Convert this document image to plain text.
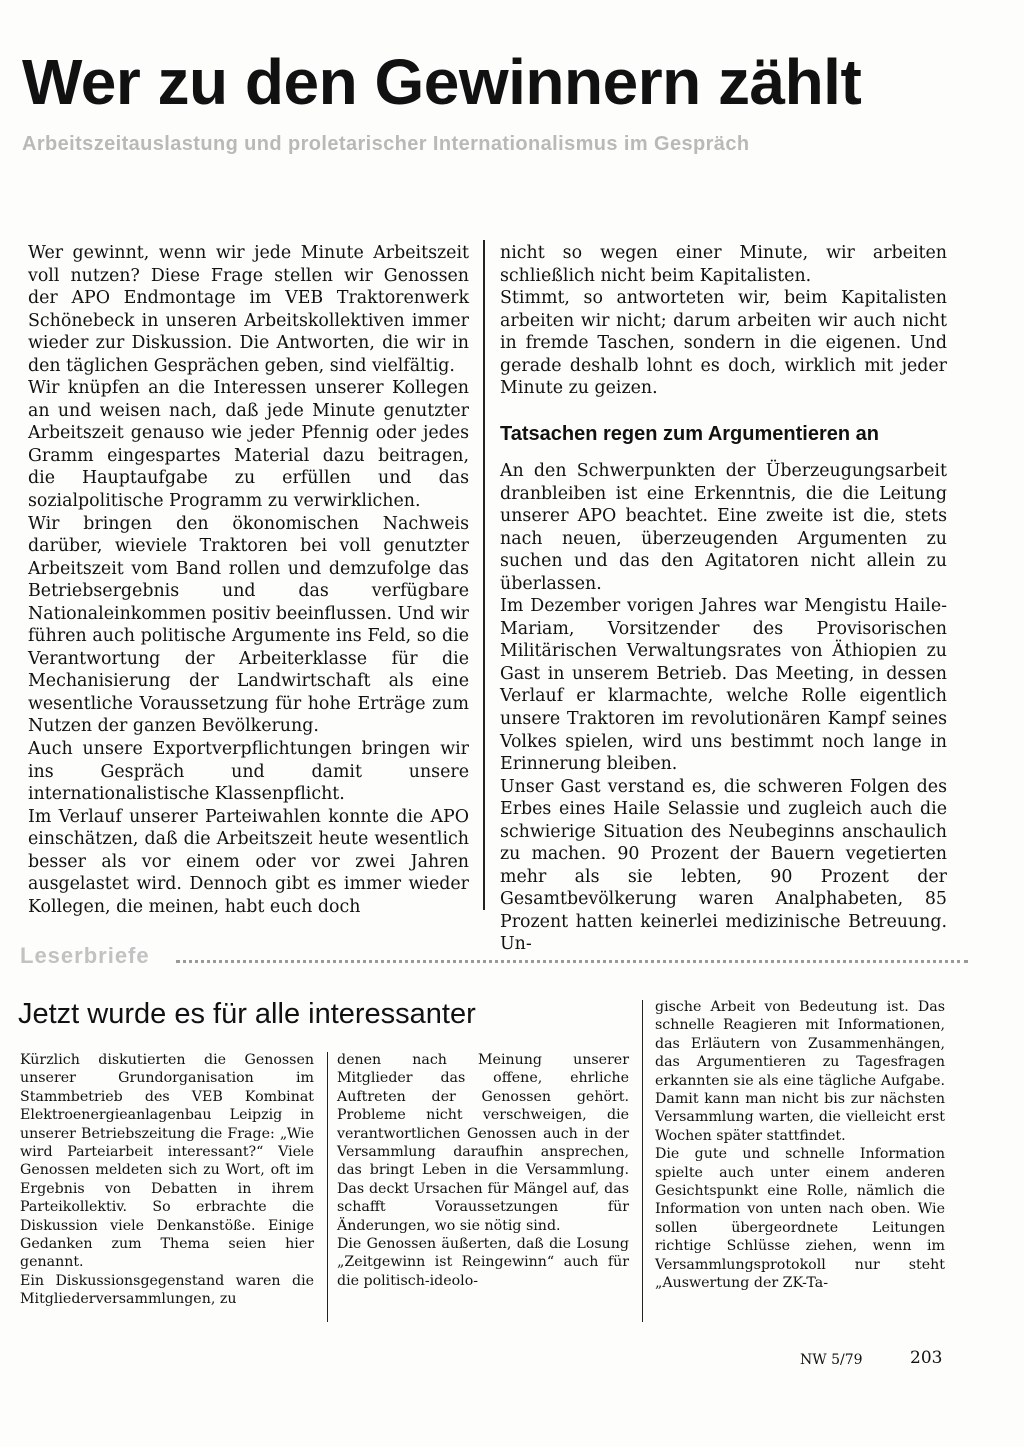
Wer zu den Gewinnern zählt
Arbeitszeitauslastung und proletarischer Internationalismus im Gespräch

Wer gewinnt, wenn wir jede Minute Arbeitszeit voll nutzen? Diese Frage stellen wir Genossen der APO Endmontage im VEB Traktorenwerk Schönebeck in unseren Arbeitskollektiven immer wieder zur Diskussion. Die Antworten, die wir in den täglichen Gesprächen geben, sind vielfältig.

Wir knüpfen an die Interessen unserer Kollegen an und weisen nach, daß jede Minute genutzter Arbeitszeit genauso wie jeder Pfennig oder jedes Gramm eingespartes Material dazu beitragen, die Hauptaufgabe zu erfüllen und das sozialpolitische Programm zu verwirklichen.

Wir bringen den ökonomischen Nachweis darüber, wieviele Traktoren bei voll genutzter Arbeitszeit vom Band rollen und demzufolge das Betriebsergebnis und das verfügbare Nationaleinkommen positiv beeinflussen. Und wir führen auch politische Argumente ins Feld, so die Verantwortung der Arbeiterklasse für die Mechanisierung der Landwirtschaft als eine wesentliche Voraussetzung für hohe Erträge zum Nutzen der ganzen Bevölkerung.

Auch unsere Exportverpflichtungen bringen wir ins Gespräch und damit unsere internationalistische Klassenpflicht.

Im Verlauf unserer Parteiwahlen konnte die APO einschätzen, daß die Arbeitszeit heute wesentlich besser als vor einem oder vor zwei Jahren ausgelastet wird. Dennoch gibt es immer wieder Kollegen, die meinen, habt euch doch

nicht so wegen einer Minute, wir arbeiten schließlich nicht beim Kapitalisten.

Stimmt, so antworteten wir, beim Kapitalisten arbeiten wir nicht; darum arbeiten wir auch nicht in fremde Taschen, sondern in die eigenen. Und gerade deshalb lohnt es doch, wirklich mit jeder Minute zu geizen.

Tatsachen regen zum Argumentieren an

An den Schwerpunkten der Überzeugungsarbeit dranbleiben ist eine Erkenntnis, die die Leitung unserer APO beachtet. Eine zweite ist die, stets nach neuen, überzeugenden Argumenten zu suchen und das den Agitatoren nicht allein zu überlassen.

Im Dezember vorigen Jahres war Mengistu Haile-Mariam, Vorsitzender des Provisorischen Militärischen Verwaltungsrates von Äthiopien zu Gast in unserem Betrieb. Das Meeting, in dessen Verlauf er klarmachte, welche Rolle eigentlich unsere Traktoren im revolutionären Kampf seines Volkes spielen, wird uns bestimmt noch lange in Erinnerung bleiben.

Unser Gast verstand es, die schweren Folgen des Erbes eines Haile Selassie und zugleich auch die schwierige Situation des Neubeginns anschaulich zu machen. 90 Prozent der Bauern vegetierten mehr als sie lebten, 90 Prozent der Gesamtbevölkerung waren Analphabeten, 85 Prozent hatten keinerlei medizinische Betreuung. Un-

Leserbriefe
Jetzt wurde es für alle interessanter

Kürzlich diskutierten die Genossen unserer Grundorganisation im Stammbetrieb des VEB Kombinat Elektroenergieanlagenbau Leipzig in unserer Betriebszeitung die Frage: „Wie wird Parteiarbeit interessant?“ Viele Genossen meldeten sich zu Wort, oft im Ergebnis von Debatten in ihrem Parteikollektiv. So erbrachte die Diskussion viele Denkanstöße. Einige Gedanken zum Thema seien hier genannt.

Ein Diskussionsgegenstand waren die Mitgliederversammlungen, zu

denen nach Meinung unserer Mitglieder das offene, ehrliche Auftreten der Genossen gehört. Probleme nicht verschweigen, die verantwortlichen Genossen auch in der Versammlung daraufhin ansprechen, das bringt Leben in die Versammlung. Das deckt Ursachen für Mängel auf, das schafft Voraussetzungen für Änderungen, wo sie nötig sind.

Die Genossen äußerten, daß die Losung „Zeitgewinn ist Reingewinn“ auch für die politisch-ideolo-

gische Arbeit von Bedeutung ist. Das schnelle Reagieren mit Informationen, das Erläutern von Zusammenhängen, das Argumentieren zu Tagesfragen erkannten sie als eine tägliche Aufgabe. Damit kann man nicht bis zur nächsten Versammlung warten, die vielleicht erst Wochen später stattfindet.

Die gute und schnelle Information spielte auch unter einem anderen Gesichtspunkt eine Rolle, nämlich die Information von unten nach oben. Wie sollen übergeordnete Leitungen richtige Schlüsse ziehen, wenn im Versammlungsprotokoll nur steht „Auswertung der ZK-Ta-

NW 5/79	203
